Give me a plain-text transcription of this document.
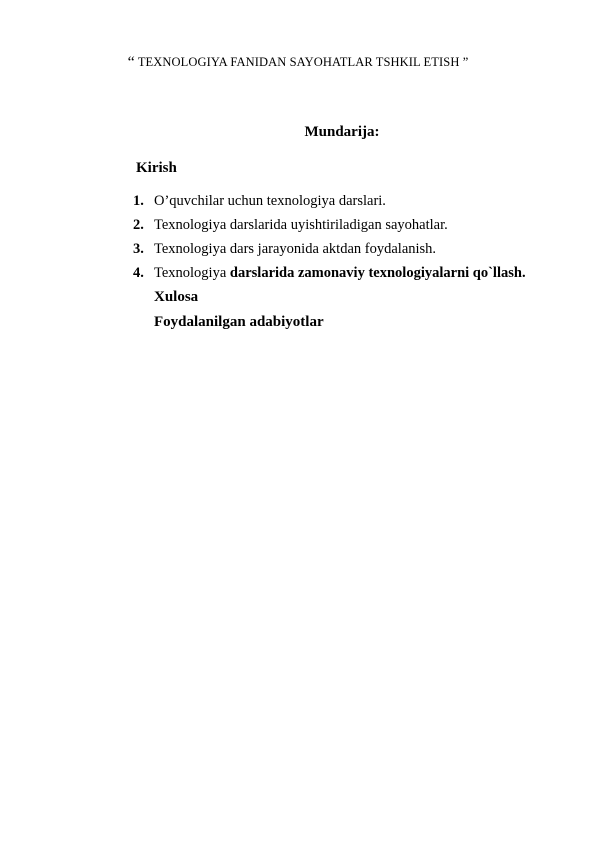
“ TEXNOLOGIYA FANIDAN SAYOHATLAR TSHKIL ETISH ”
Mundarija:
Kirish
1. O’quvchilar uchun texnologiya darslari.
2. Texnologiya darslarida uyishtiriladigan sayohatlar.
3. Texnologiya dars jarayonida aktdan foydalanish.
4. Texnologiya darslarida zamonaviy texnologiyalarni qo`llash.
Xulosa
Foydalanilgan adabiyotlar
